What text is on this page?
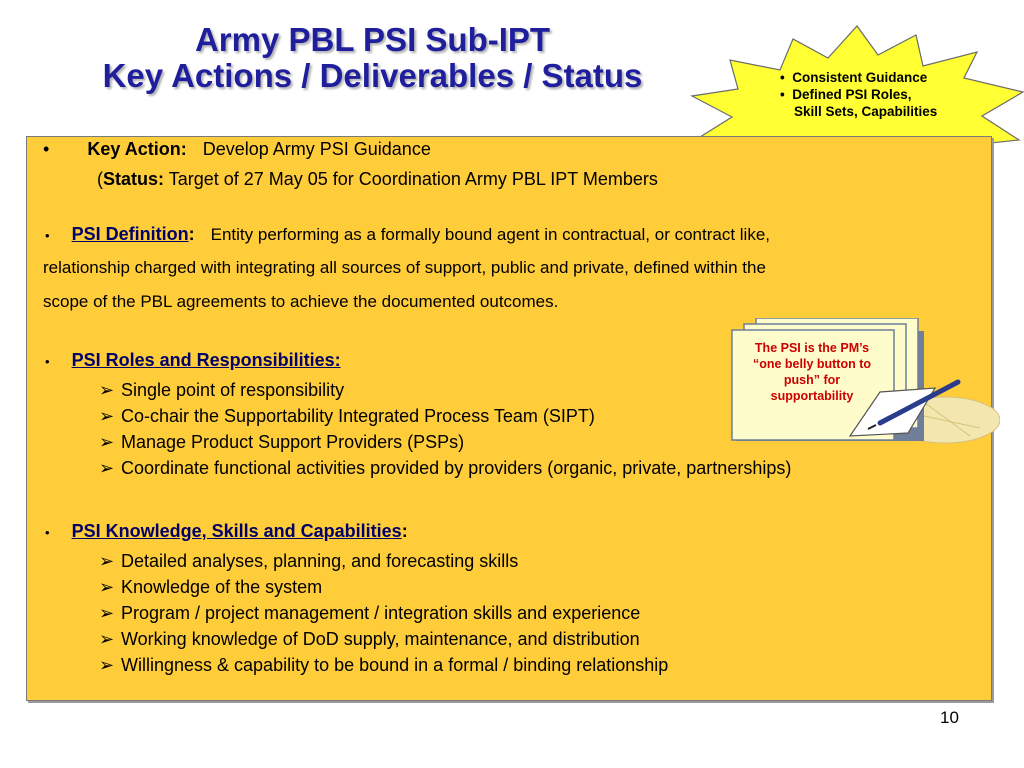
Army PBL PSI Sub-IPT
Key Actions / Deliverables / Status	•  Consistent Guidance
•  Defined PSI Roles,
Skill Sets, Capabilities
• Key Action: Develop Army PSI Guidance
(Status: Target of 27 May 05 for Coordination Army PBL IPT Members
• PSI Definition: Entity performing as a formally bound agent in contractual, or contract like,
relationship charged with integrating all sources of support, public and private, defined within the
scope of the PBL agreements to achieve the documented outcomes.
• PSI Roles and Responsibilities:
➢ Single point of responsibility
➢ Co-chair the Supportability Integrated Process Team (SIPT)
➢ Manage Product Support Providers (PSPs)
➢ Coordinate functional activities provided by providers (organic, private, partnerships)
• PSI Knowledge, Skills and Capabilities:
➢ Detailed analyses, planning, and forecasting skills
➢ Knowledge of the system
➢ Program / project management / integration skills and experience
➢ Working knowledge of DoD supply, maintenance, and distribution
➢ Willingness & capability to be bound in a formal / binding relationship
The PSI is the PM’s
“one belly button to
push” for
supportability
10
